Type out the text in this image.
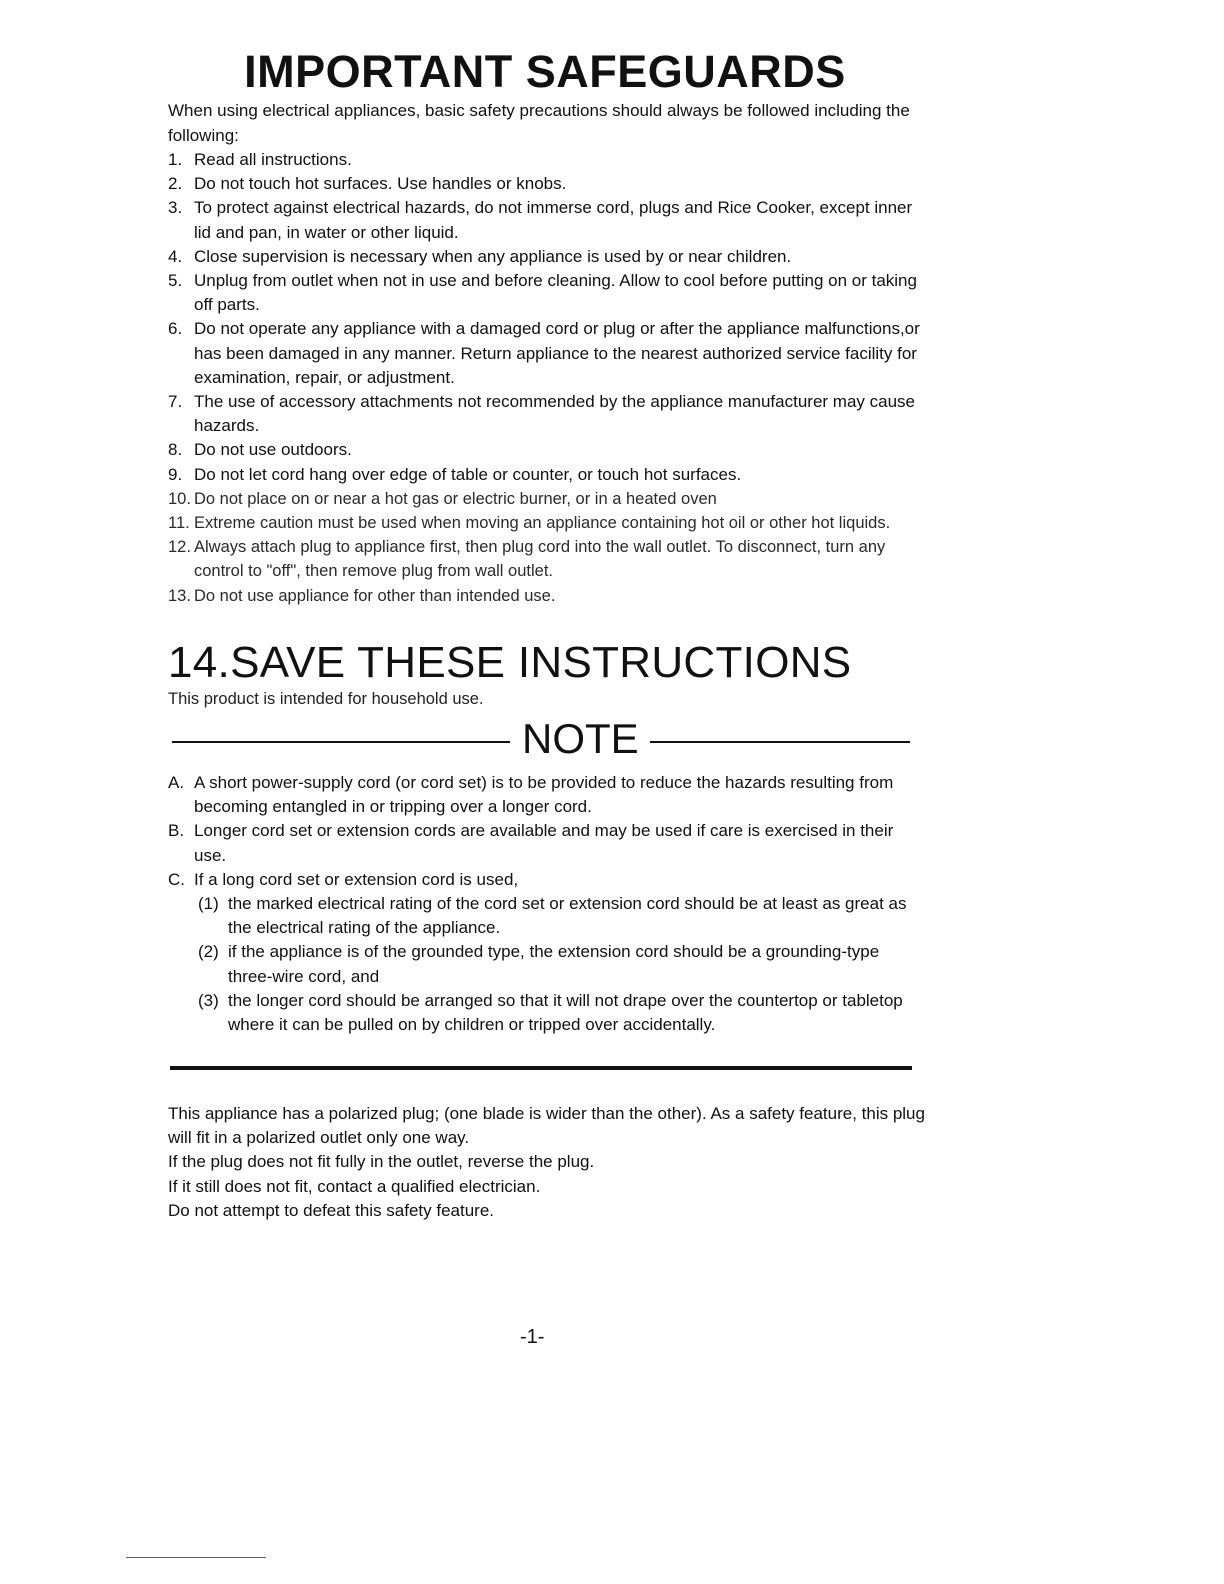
IMPORTANT SAFEGUARDS
When using electrical appliances, basic safety precautions should always be followed including the following:
1. Read all instructions.
2. Do not touch hot surfaces. Use handles or knobs.
3. To protect against electrical hazards, do not immerse cord, plugs and Rice Cooker, except inner lid and pan, in water or other liquid.
4. Close supervision is necessary when any appliance is used by or near children.
5. Unplug from outlet when not in use and before cleaning. Allow to cool before putting on or taking off parts.
6. Do not operate any appliance with a damaged cord or plug or after the appliance malfunctions,or has been damaged in any manner. Return appliance to the nearest authorized service facility for examination, repair, or adjustment.
7. The use of accessory attachments not recommended by the appliance manufacturer may cause hazards.
8. Do not use outdoors.
9. Do not let cord hang over edge of table or counter, or touch hot surfaces.
10. Do not place on or near a hot gas or electric burner, or in a heated oven
11. Extreme caution must be used when moving an appliance containing hot oil or other hot liquids.
12. Always attach plug to appliance first, then plug cord into the wall outlet. To disconnect, turn any control to "off", then remove plug from wall outlet.
13. Do not use appliance for other than intended use.
14.SAVE THESE INSTRUCTIONS
This product is intended for household use.
NOTE
A. A short power-supply cord (or cord set) is to be provided to reduce the hazards resulting from becoming entangled in or tripping over a longer cord.
B. Longer cord set or extension cords are available and may be used if care is exercised in their use.
C. If a long cord set or extension cord is used,
(1) the marked electrical rating of the cord set or extension cord should be at least as great as the electrical rating of the appliance.
(2) if the appliance is of the grounded type, the extension cord should be a grounding-type three-wire cord, and
(3) the longer cord should be arranged so that it will not drape over the countertop or tabletop where it can be pulled on by children or tripped over accidentally.

This appliance has a polarized plug; (one blade is wider than the other). As a safety feature, this plug will fit in a polarized outlet only one way.

If the plug does not fit fully in the outlet, reverse the plug.

If it still does not fit, contact a qualified electrician.

Do not attempt to defeat this safety feature.

-1-
